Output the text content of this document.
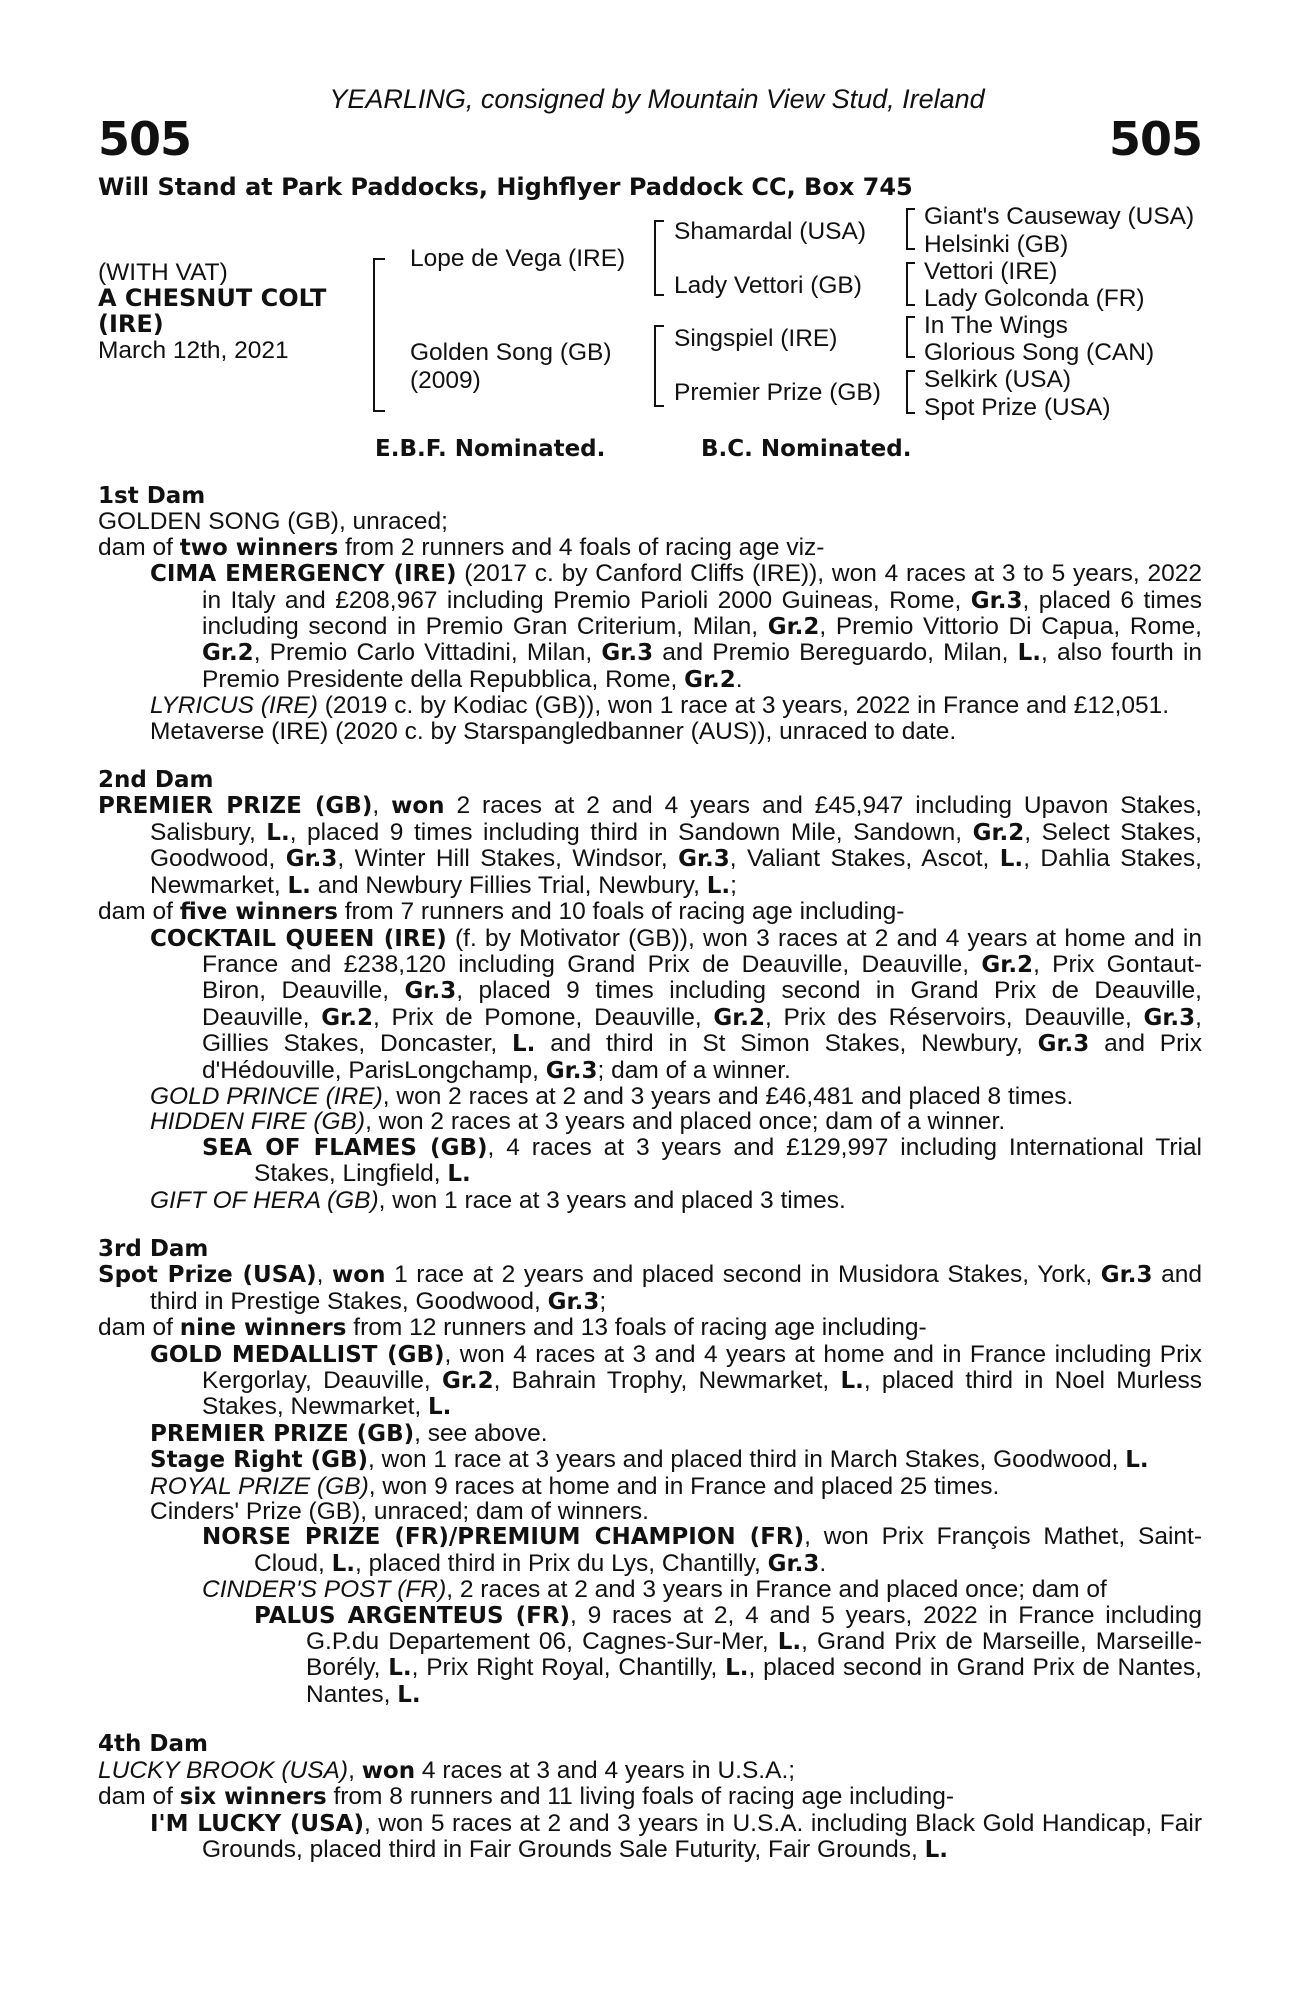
YEARLING, consigned by Mountain View Stud, Ireland
505	505
Will Stand at Park Paddocks, Highflyer Paddock CC, Box 745
(WITH VAT)
A CHESNUT COLT
(IRE)
March 12th, 2021
Lope de Vega (IRE)
Golden Song (GB)
(2009)
Shamardal (USA)
Lady Vettori (GB)
Singspiel (IRE)
Premier Prize (GB)
Giant's Causeway (USA)
Helsinki (GB)
Vettori (IRE)
Lady Golconda (FR)
In The Wings
Glorious Song (CAN)
Selkirk (USA)
Spot Prize (USA)
E.B.F. Nominated.	B.C. Nominated.
1st Dam

GOLDEN SONG (GB), unraced;

dam of two winners from 2 runners and 4 foals of racing age viz-

CIMA EMERGENCY (IRE) (2017 c. by Canford Cliffs (IRE)), won 4 races at 3 to 5 years, 2022 in Italy and £208,967 including Premio Parioli 2000 Guineas, Rome, Gr.3, placed 6 times including second in Premio Gran Criterium, Milan, Gr.2, Premio Vittorio Di Capua, Rome, Gr.2, Premio Carlo Vittadini, Milan, Gr.3 and Premio Bereguardo, Milan, L., also fourth in Premio Presidente della Repubblica, Rome, Gr.2.

LYRICUS (IRE) (2019 c. by Kodiac (GB)), won 1 race at 3 years, 2022 in France and £12,051.

Metaverse (IRE) (2020 c. by Starspangledbanner (AUS)), unraced to date.

2nd Dam

PREMIER PRIZE (GB), won 2 races at 2 and 4 years and £45,947 including Upavon Stakes, Salisbury, L., placed 9 times including third in Sandown Mile, Sandown, Gr.2, Select Stakes, Goodwood, Gr.3, Winter Hill Stakes, Windsor, Gr.3, Valiant Stakes, Ascot, L., Dahlia Stakes, Newmarket, L. and Newbury Fillies Trial, Newbury, L.;

dam of five winners from 7 runners and 10 foals of racing age including-

COCKTAIL QUEEN (IRE) (f. by Motivator (GB)), won 3 races at 2 and 4 years at home and in France and £238,120 including Grand Prix de Deauville, Deauville, Gr.2, Prix Gontaut-Biron, Deauville, Gr.3, placed 9 times including second in Grand Prix de Deauville, Deauville, Gr.2, Prix de Pomone, Deauville, Gr.2, Prix des Réservoirs, Deauville, Gr.3, Gillies Stakes, Doncaster, L. and third in St Simon Stakes, Newbury, Gr.3 and Prix d'Hédouville, ParisLongchamp, Gr.3; dam of a winner.

GOLD PRINCE (IRE), won 2 races at 2 and 3 years and £46,481 and placed 8 times.

HIDDEN FIRE (GB), won 2 races at 3 years and placed once; dam of a winner.

SEA OF FLAMES (GB), 4 races at 3 years and £129,997 including International Trial Stakes, Lingfield, L.

GIFT OF HERA (GB), won 1 race at 3 years and placed 3 times.

3rd Dam

Spot Prize (USA), won 1 race at 2 years and placed second in Musidora Stakes, York, Gr.3 and third in Prestige Stakes, Goodwood, Gr.3;

dam of nine winners from 12 runners and 13 foals of racing age including-

GOLD MEDALLIST (GB), won 4 races at 3 and 4 years at home and in France including Prix Kergorlay, Deauville, Gr.2, Bahrain Trophy, Newmarket, L., placed third in Noel Murless Stakes, Newmarket, L.

PREMIER PRIZE (GB), see above.

Stage Right (GB), won 1 race at 3 years and placed third in March Stakes, Goodwood, L.

ROYAL PRIZE (GB), won 9 races at home and in France and placed 25 times.

Cinders' Prize (GB), unraced; dam of winners.

NORSE PRIZE (FR)/PREMIUM CHAMPION (FR), won Prix François Mathet, Saint-Cloud, L., placed third in Prix du Lys, Chantilly, Gr.3.

CINDER'S POST (FR), 2 races at 2 and 3 years in France and placed once; dam of

PALUS ARGENTEUS (FR), 9 races at 2, 4 and 5 years, 2022 in France including G.P.du Departement 06, Cagnes-Sur-Mer, L., Grand Prix de Marseille, Marseille-Borély, L., Prix Right Royal, Chantilly, L., placed second in Grand Prix de Nantes, Nantes, L.

4th Dam

LUCKY BROOK (USA), won 4 races at 3 and 4 years in U.S.A.;

dam of six winners from 8 runners and 11 living foals of racing age including-

I'M LUCKY (USA), won 5 races at 2 and 3 years in U.S.A. including Black Gold Handicap, Fair Grounds, placed third in Fair Grounds Sale Futurity, Fair Grounds, L.
